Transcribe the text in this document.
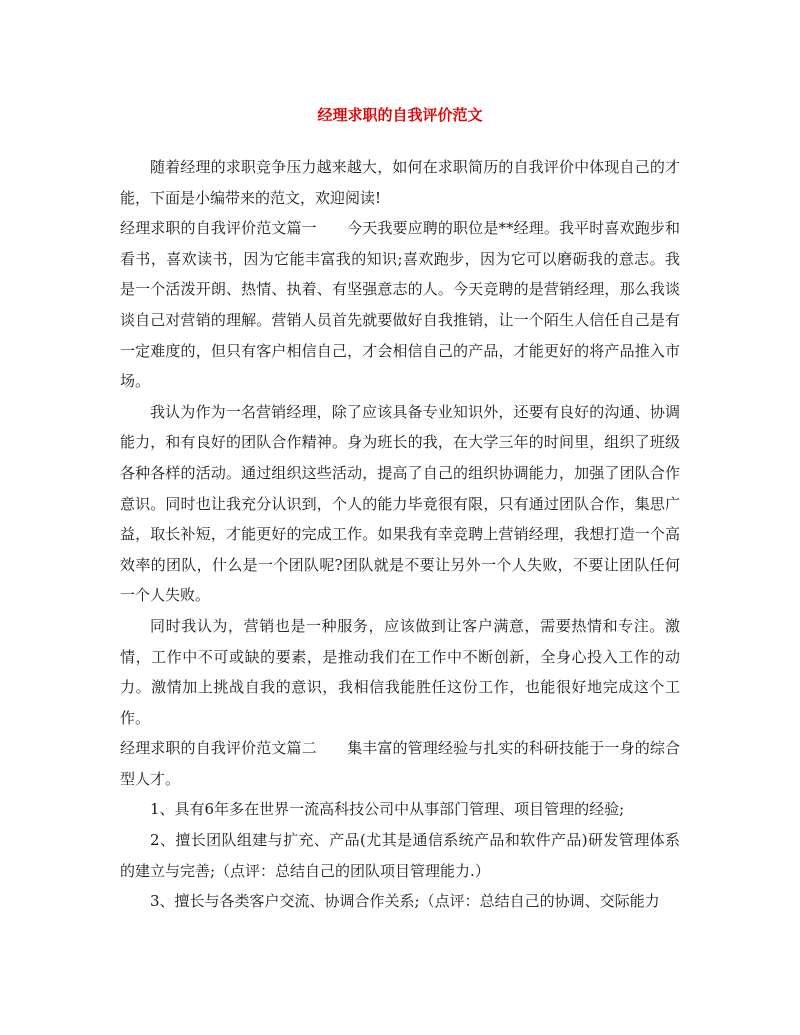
经理求职的自我评价范文

随着经理的求职竞争压力越来越大，如何在求职简历的自我评价中体现自己的才能，下面是小编带来的范文，欢迎阅读!

经理求职的自我评价范文篇一　　今天我要应聘的职位是**经理。我平时喜欢跑步和看书，喜欢读书，因为它能丰富我的知识;喜欢跑步，因为它可以磨砺我的意志。我是一个活泼开朗、热情、执着、有坚强意志的人。今天竞聘的是营销经理，那么我谈谈自己对营销的理解。营销人员首先就要做好自我推销，让一个陌生人信任自己是有一定难度的，但只有客户相信自己，才会相信自己的产品，才能更好的将产品推入市场。

我认为作为一名营销经理，除了应该具备专业知识外，还要有良好的沟通、协调能力，和有良好的团队合作精神。身为班长的我，在大学三年的时间里，组织了班级各种各样的活动。通过组织这些活动，提高了自己的组织协调能力，加强了团队合作意识。同时也让我充分认识到，个人的能力毕竟很有限，只有通过团队合作，集思广益，取长补短，才能更好的完成工作。如果我有幸竞聘上营销经理，我想打造一个高效率的团队，什么是一个团队呢?团队就是不要让另外一个人失败，不要让团队任何一个人失败。

同时我认为，营销也是一种服务，应该做到让客户满意，需要热情和专注。激情，工作中不可或缺的要素，是推动我们在工作中不断创新，全身心投入工作的动力。激情加上挑战自我的意识，我相信我能胜任这份工作，也能很好地完成这个工作。

经理求职的自我评价范文篇二　　集丰富的管理经验与扎实的科研技能于一身的综合型人才。

1、具有6年多在世界一流高科技公司中从事部门管理、项目管理的经验;

2、擅长团队组建与扩充、产品(尤其是通信系统产品和软件产品)研发管理体系的建立与完善;（点评：总结自己的团队项目管理能力.）

3、擅长与各类客户交流、协调合作关系;（点评：总结自己的协调、交际能力
